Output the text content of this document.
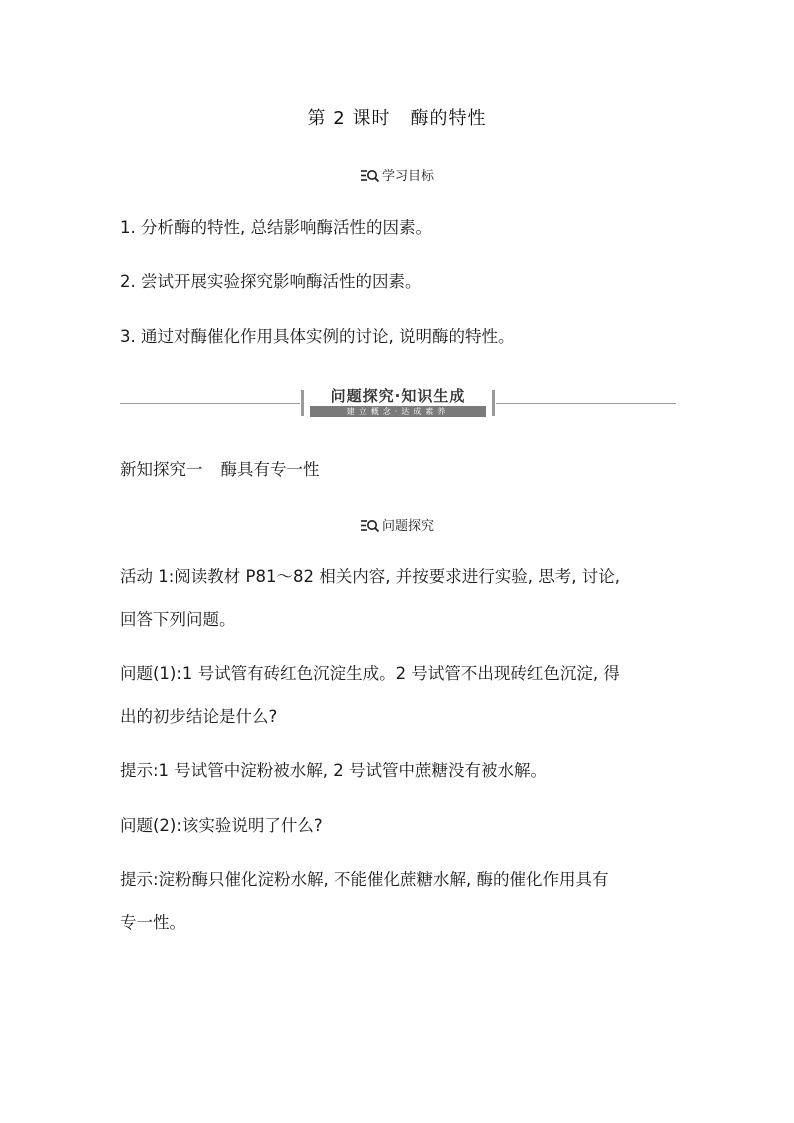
第 2 课时 酶的特性
学习目标
1. 分析酶的特性, 总结影响酶活性的因素。
2. 尝试开展实验探究影响酶活性的因素。
3. 通过对酶催化作用具体实例的讨论, 说明酶的特性。
问题探究·知识生成
建立概念·达成素养
新知探究一 酶具有专一性
问题探究
活动 1:阅读教材 P81～82 相关内容, 并按要求进行实验, 思考, 讨论,
回答下列问题。
问题(1):1 号试管有砖红色沉淀生成。2 号试管不出现砖红色沉淀, 得
出的初步结论是什么?
提示:1 号试管中淀粉被水解, 2 号试管中蔗糖没有被水解。
问题(2):该实验说明了什么?
提示:淀粉酶只催化淀粉水解, 不能催化蔗糖水解, 酶的催化作用具有
专一性。
